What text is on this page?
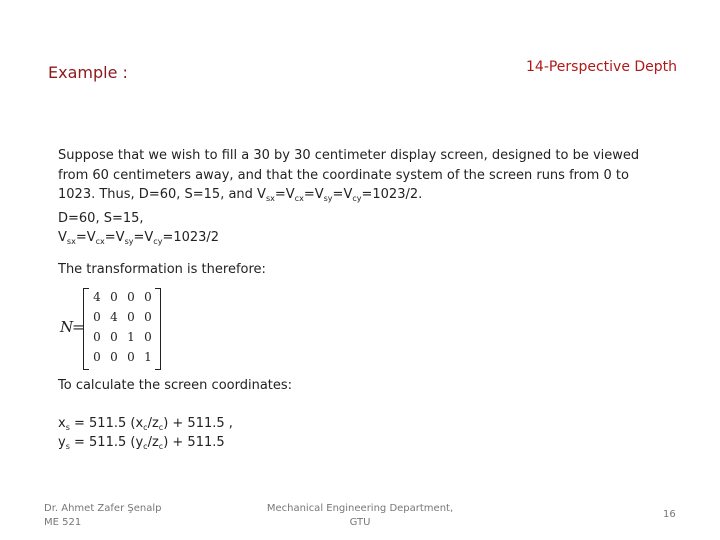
Example :	14-Perspective Depth
Suppose that we wish to fill a 30 by 30 centimeter display screen, designed to be viewed
from 60 centimeters away, and that the coordinate system of the screen runs from 0 to
1023. Thus, D=60, S=15, and $V_{sx}=V_{cx}=V_{sy}=V_{cy}=1023/2$.
D=60, S=15,
$V_{sx}=V_{cx}=V_{sy}=V_{cy}=1023/2$
The transformation is therefore:
N
=
4 0 0 0
0 4 0 0
0 0 1 0
0 0 0 1
To calculate the screen coordinates:
$x_s = 511.5$ $(x_c/z_c) + 511.5$ ,
$y_s = 511.5$ $(y_c/z_c) + 511.5$
Dr. Ahmet Zafer Şenalp
ME 521
Mechanical Engineering Department,
GTU
16
